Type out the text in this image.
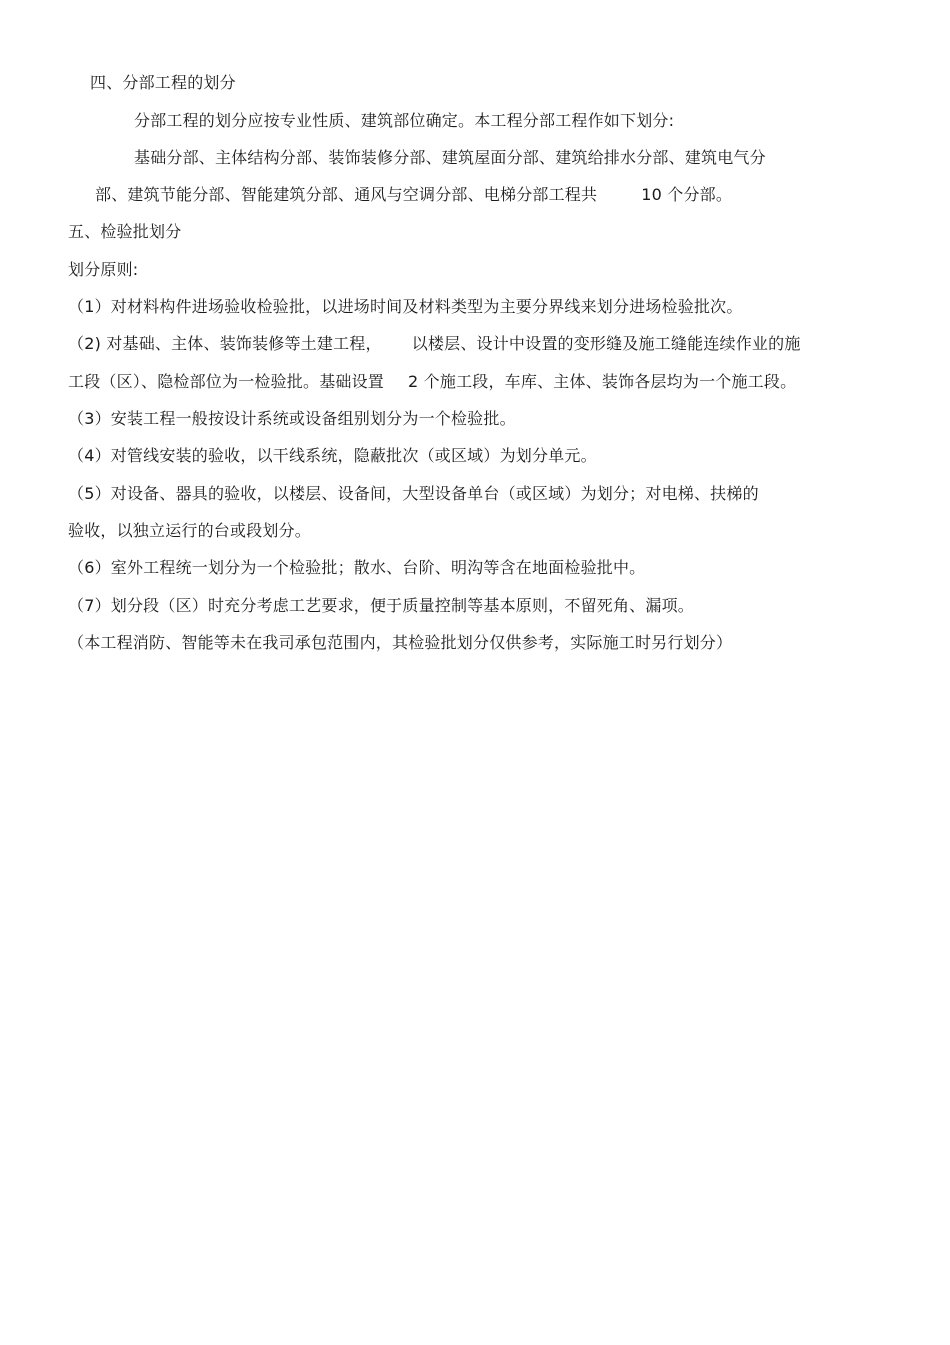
四、分部工程的划分
分部工程的划分应按专业性质、建筑部位确定。本工程分部工程作如下划分:
基础分部、主体结构分部、装饰装修分部、建筑屋面分部、建筑给排水分部、建筑电气分
部、建筑节能分部、智能建筑分部、通风与空调分部、电梯分部工程共	10 个分部。
五、检验批划分
划分原则:
（1）对材料构件进场验收检验批，以进场时间及材料类型为主要分界线来划分进场检验批次。
（2) 对基础、主体、装饰装修等土建工程， 以楼层、设计中设置的变形缝及施工缝能连续作业的施
工段（区）、隐检部位为一检验批。基础设置 2 个施工段，车库、主体、装饰各层均为一个施工段。
（3）安装工程一般按设计系统或设备组别划分为一个检验批。
（4）对管线安装的验收，以干线系统，隐蔽批次（或区域）为划分单元。
（5）对设备、器具的验收，以楼层、设备间，大型设备单台（或区域）为划分；对电梯、扶梯的
验收，以独立运行的台或段划分。
（6）室外工程统一划分为一个检验批；散水、台阶、明沟等含在地面检验批中。
（7）划分段（区）时充分考虑工艺要求，便于质量控制等基本原则，不留死角、漏项。
（本工程消防、智能等未在我司承包范围内，其检验批划分仅供参考，实际施工时另行划分）
